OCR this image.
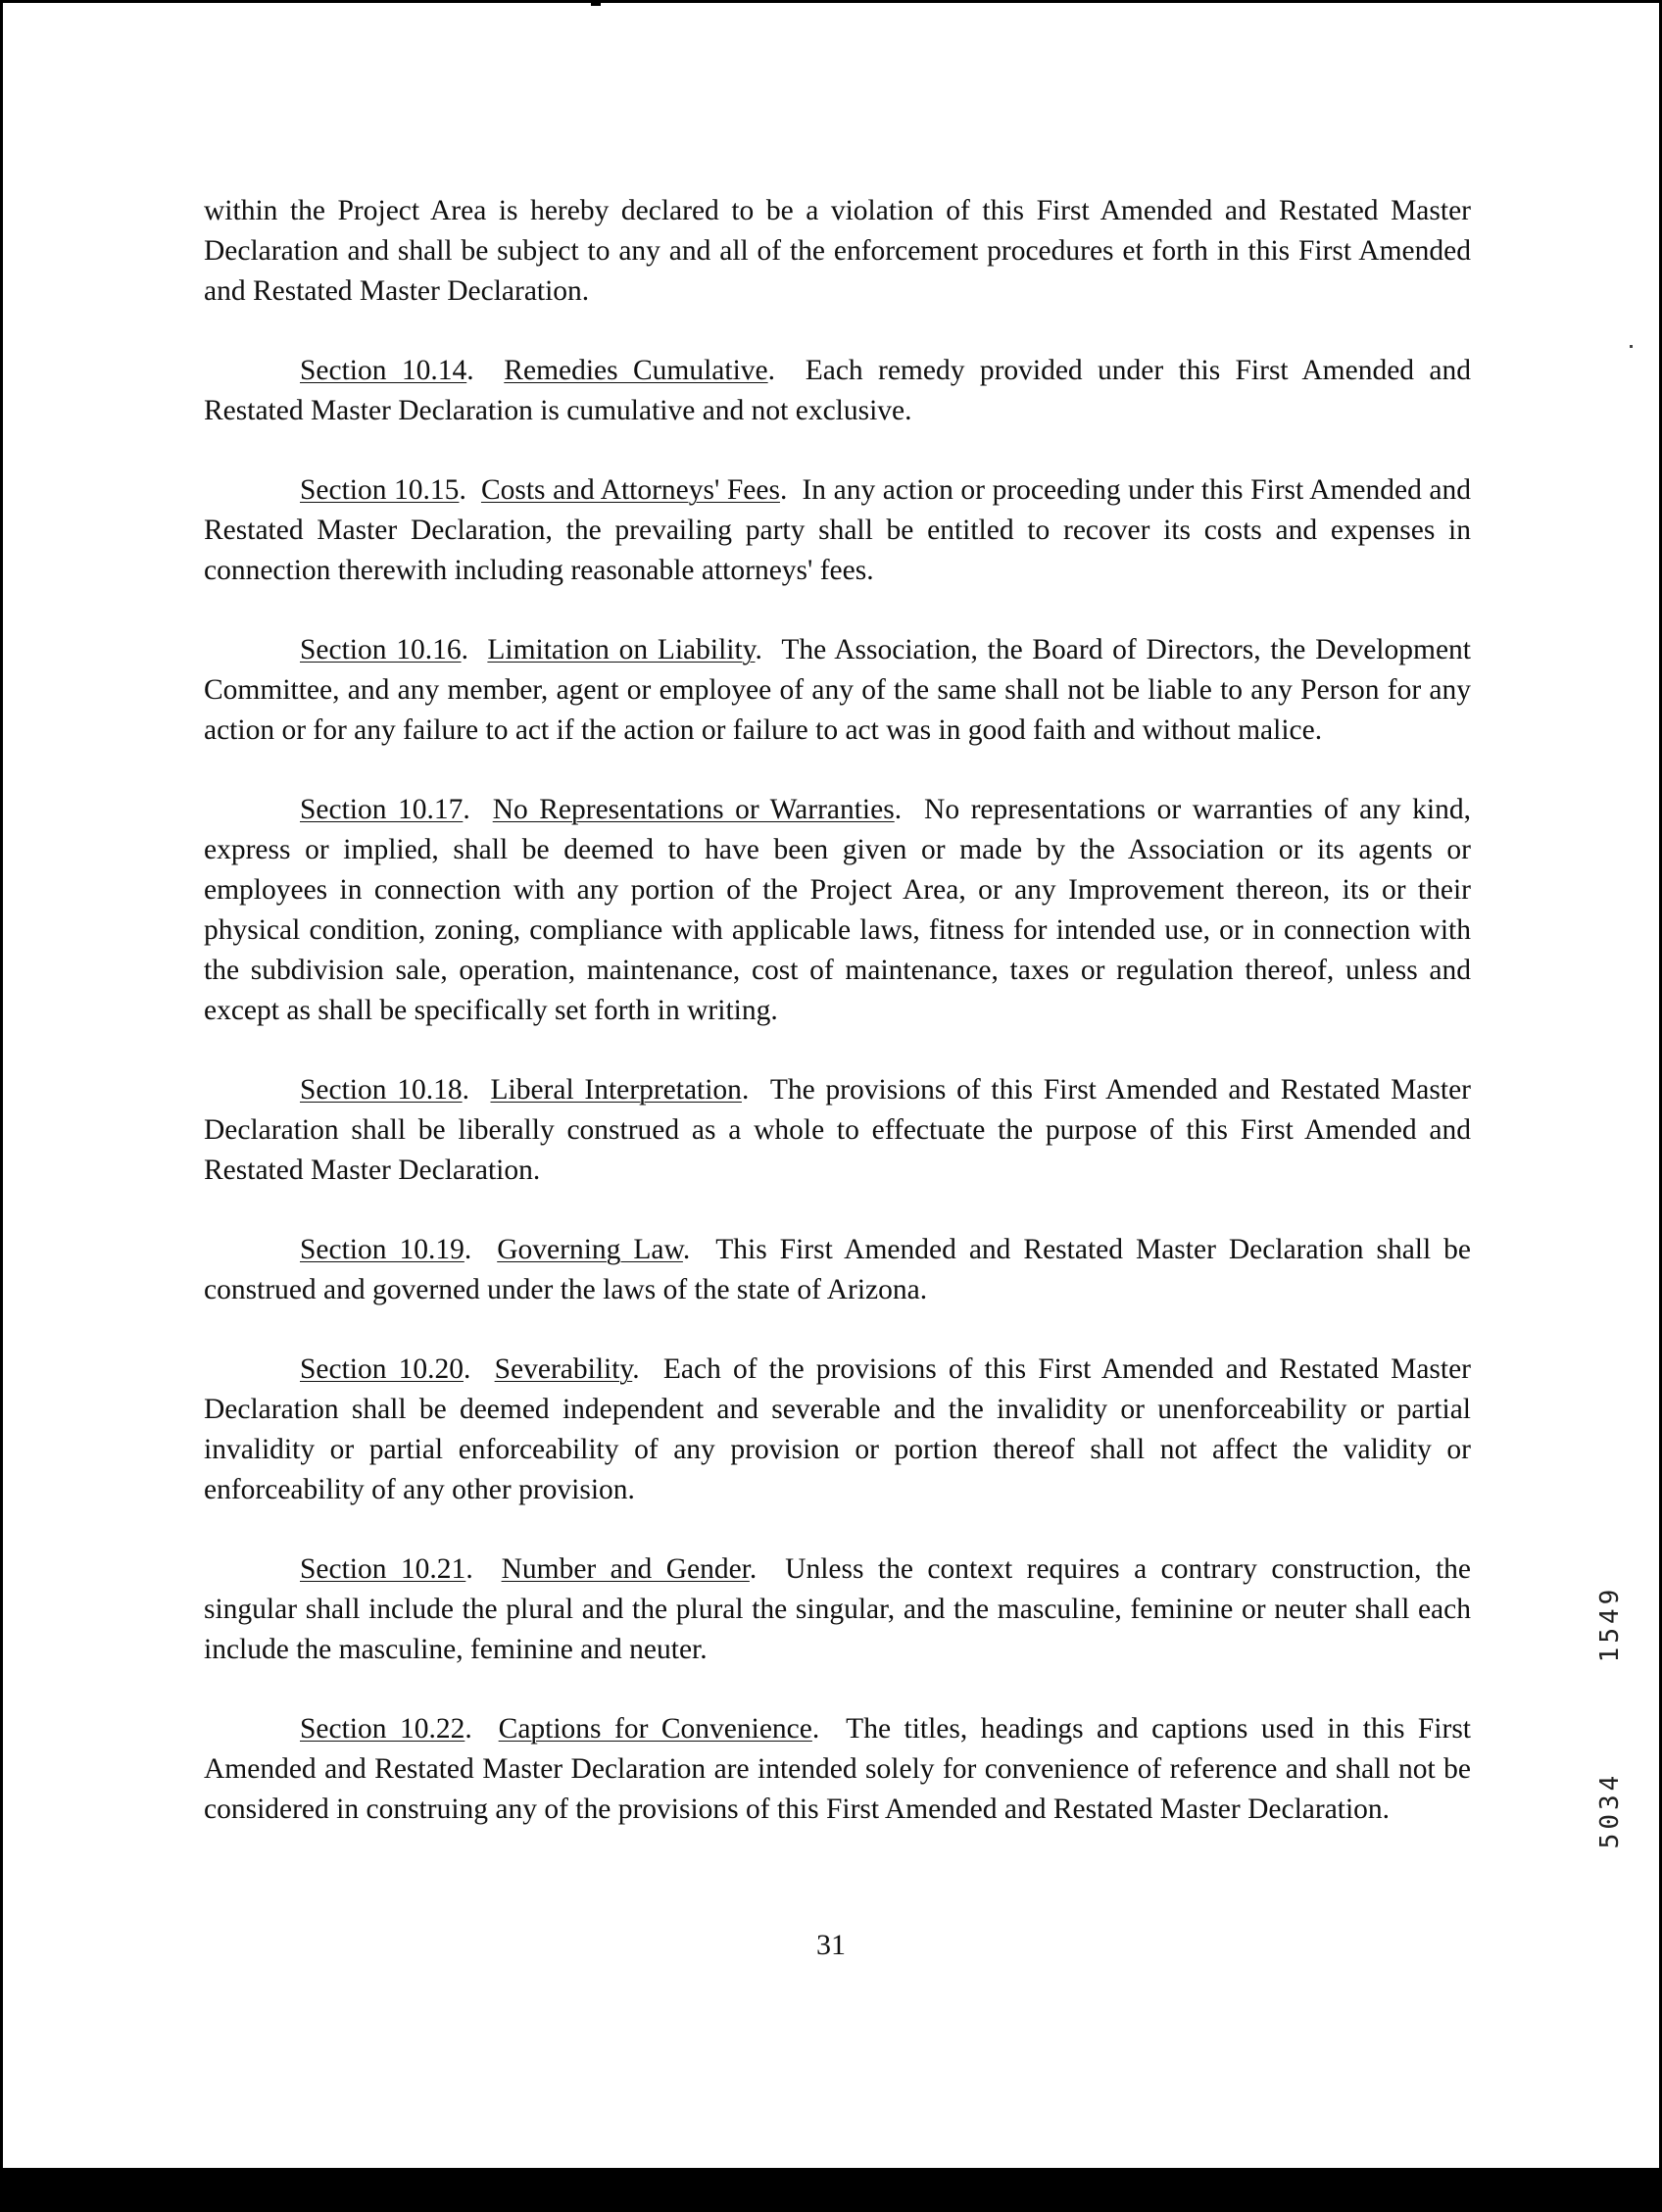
within the Project Area is hereby declared to be a violation of this First Amended and Restated Master Declaration and shall be subject to any and all of the enforcement procedures et forth in this First Amended and Restated Master Declaration.

Section 10.14.  Remedies Cumulative.  Each remedy provided under this First Amended and Restated Master Declaration is cumulative and not exclusive.

Section 10.15.  Costs and Attorneys' Fees.  In any action or proceeding under this First Amended and Restated Master Declaration, the prevailing party shall be entitled to recover its costs and expenses in connection therewith including reasonable attorneys' fees.

Section 10.16.  Limitation on Liability.  The Association, the Board of Directors, the Development Committee, and any member, agent or employee of any of the same shall not be liable to any Person for any action or for any failure to act if the action or failure to act was in good faith and without malice.

Section 10.17.  No Representations or Warranties.  No representations or warranties of any kind, express or implied, shall be deemed to have been given or made by the Association or its agents or employees in connection with any portion of the Project Area, or any Improvement thereon, its or their physical condition, zoning, compliance with applicable laws, fitness for intended use, or in connection with the subdivision sale, operation, maintenance, cost of maintenance, taxes or regulation thereof, unless and except as shall be specifically set forth in writing.

Section 10.18.  Liberal Interpretation.  The provisions of this First Amended and Restated Master Declaration shall be liberally construed as a whole to effectuate the purpose of this First Amended and Restated Master Declaration.

Section 10.19.  Governing Law.  This First Amended and Restated Master Declaration shall be construed and governed under the laws of the state of Arizona.

Section 10.20.  Severability.  Each of the provisions of this First Amended and Restated Master Declaration shall be deemed independent and severable and the invalidity or unenforceability or partial invalidity or partial enforceability of any provision or portion thereof shall not affect the validity or enforceability of any other provision.

Section 10.21.  Number and Gender.  Unless the context requires a contrary construction, the singular shall include the plural and the plural the singular, and the masculine, feminine or neuter shall each include the masculine, feminine and neuter.

Section 10.22.  Captions for Convenience.  The titles, headings and captions used in this First Amended and Restated Master Declaration are intended solely for convenience of reference and shall not be considered in construing any of the provisions of this First Amended and Restated Master Declaration.

31
1549
5034
